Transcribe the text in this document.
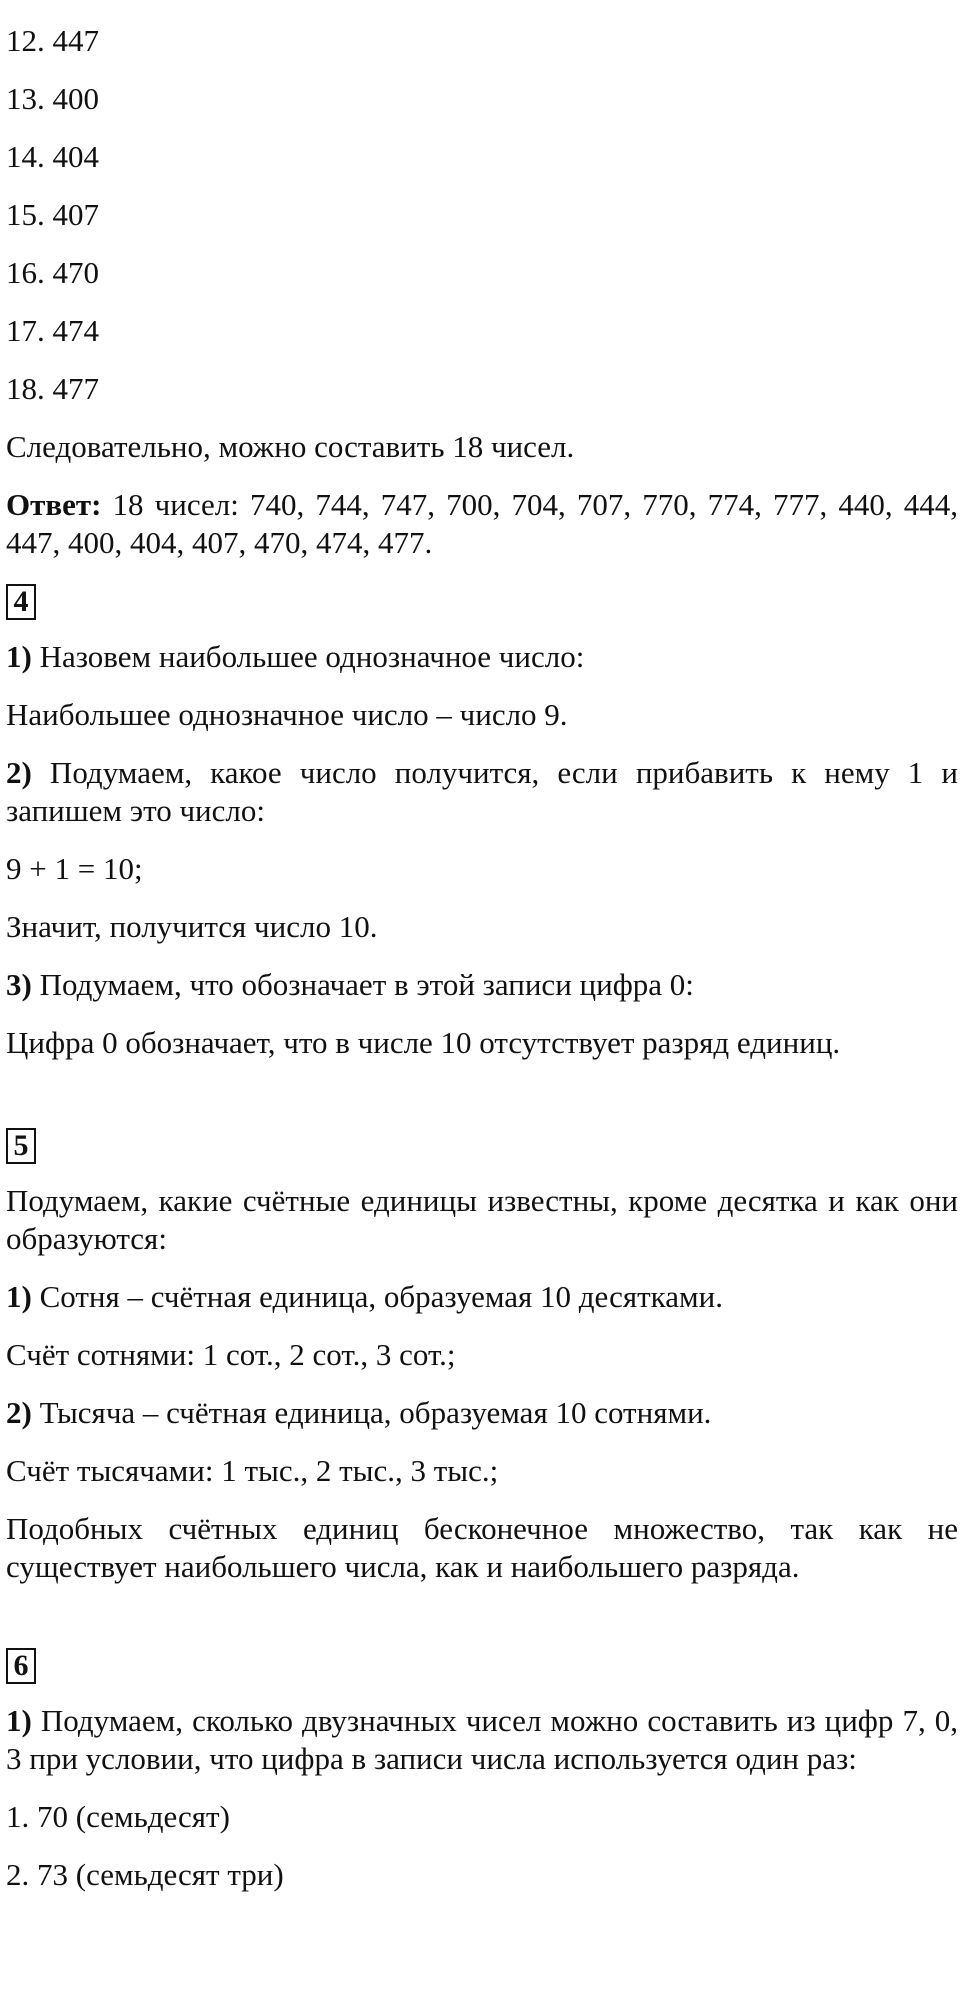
12. 447
13. 400
14. 404
15. 407
16. 470
17. 474
18. 477
Следовательно, можно составить 18 чисел.
Ответ: 18 чисел: 740, 744, 747, 700, 704, 707, 770, 774, 777, 440, 444, 447, 400, 404, 407, 470, 474, 477.
4
1) Назовем наибольшее однозначное число:
Наибольшее однозначное число – число 9.
2) Подумаем, какое число получится, если прибавить к нему 1 и запишем это число:
9 + 1 = 10;
Значит, получится число 10.
3) Подумаем, что обозначает в этой записи цифра 0:
Цифра 0 обозначает, что в числе 10 отсутствует разряд единиц.
5
Подумаем, какие счётные единицы известны, кроме десятка и как они образуются:
1) Сотня – счётная единица, образуемая 10 десятками.
Счёт сотнями: 1 сот., 2 сот., 3 сот.;
2) Тысяча – счётная единица, образуемая 10 сотнями.
Счёт тысячами: 1 тыс., 2 тыс., 3 тыс.;
Подобных счётных единиц бесконечное множество, так как не существует наибольшего числа, как и наибольшего разряда.
6
1) Подумаем, сколько двузначных чисел можно составить из цифр 7, 0, 3 при условии, что цифра в записи числа используется один раз:
1. 70 (семьдесят)
2. 73 (семьдесят три)
